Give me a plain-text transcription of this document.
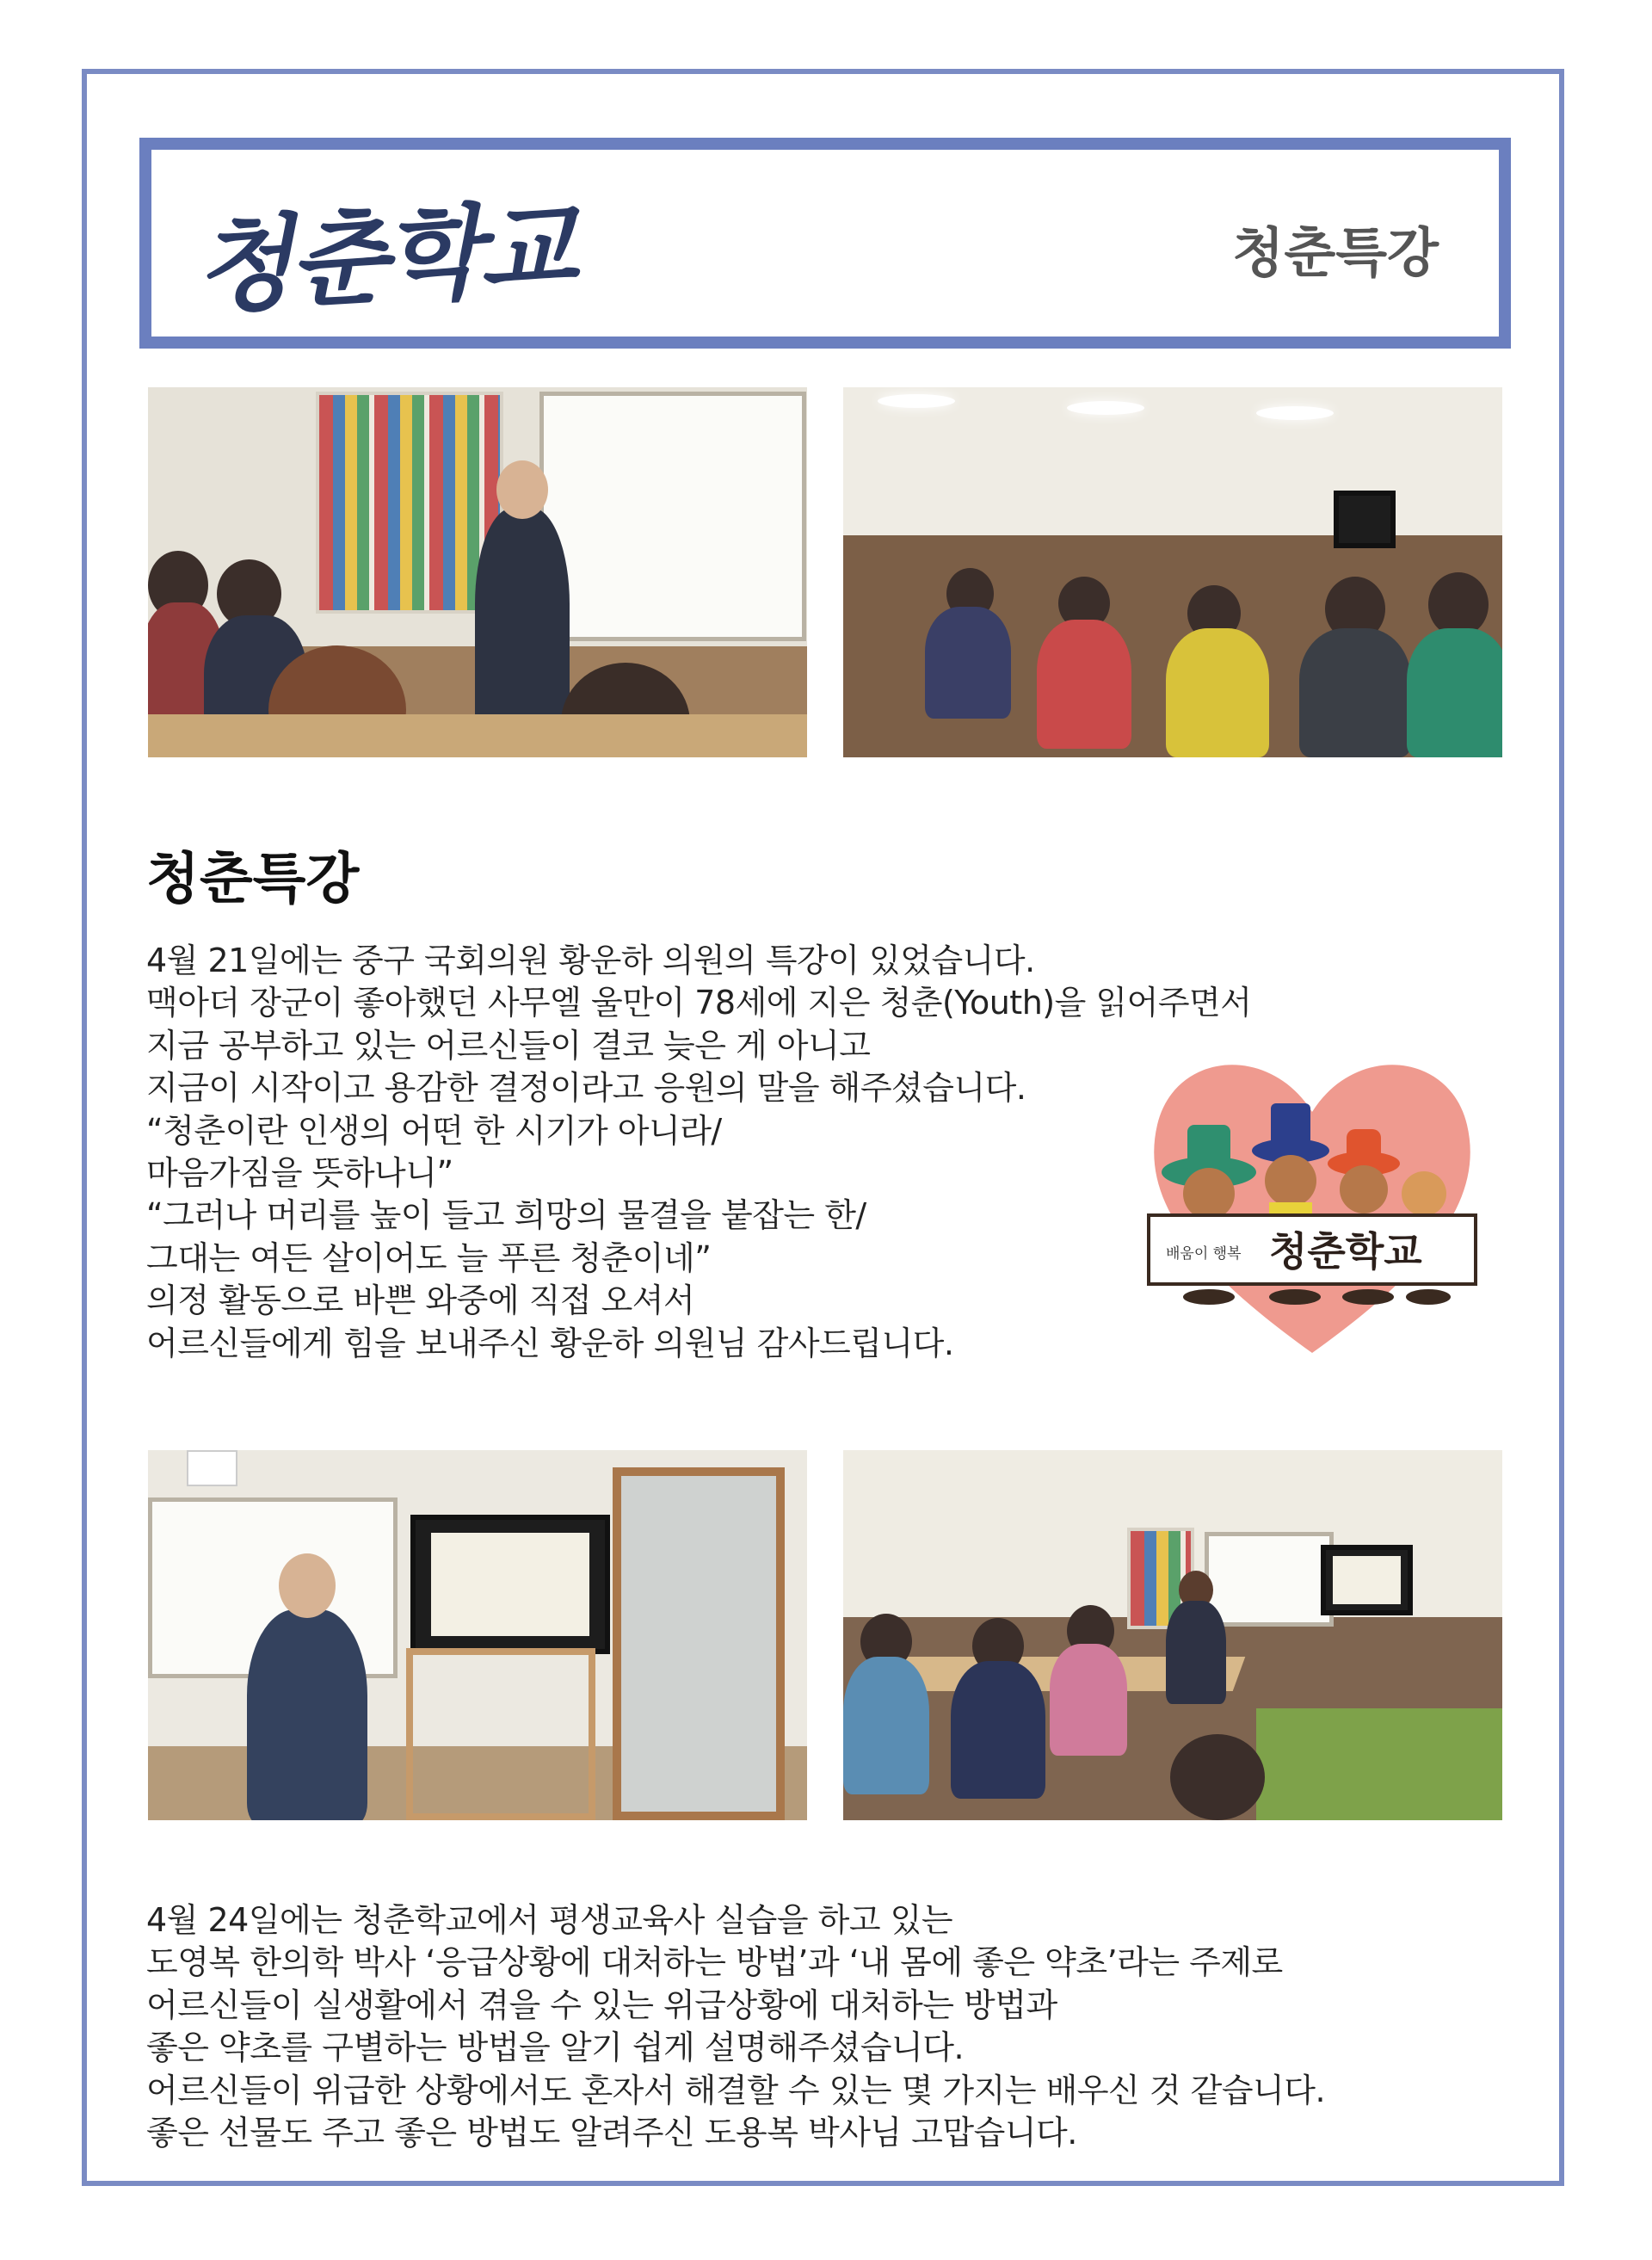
청춘학교	청춘특강
청춘특강
4월 21일에는 중구 국회의원 황운하 의원의 특강이 있었습니다.
맥아더 장군이 좋아했던 사무엘 울만이 78세에 지은 청춘(Youth)을 읽어주면서
지금 공부하고 있는 어르신들이 결코 늦은 게 아니고
지금이 시작이고 용감한 결정이라고 응원의 말을 해주셨습니다.
“청춘이란 인생의 어떤 한 시기가 아니라/
마음가짐을 뜻하나니”
“그러나 머리를 높이 들고 희망의 물결을 붙잡는 한/
그대는 여든 살이어도 늘 푸른 청춘이네”
의정 활동으로 바쁜 와중에 직접 오셔서
어르신들에게 힘을 보내주신 황운하 의원님 감사드립니다.
배움이 행복 청춘학교
4월 24일에는 청춘학교에서 평생교육사 실습을 하고 있는
도영복 한의학 박사 ‘응급상황에 대처하는 방법’과 ‘내 몸에 좋은 약초’라는 주제로
어르신들이 실생활에서 겪을 수 있는 위급상황에 대처하는 방법과
좋은 약초를 구별하는 방법을 알기 쉽게 설명해주셨습니다.
어르신들이 위급한 상황에서도 혼자서 해결할 수 있는 몇 가지는 배우신 것 같습니다.
좋은 선물도 주고 좋은 방법도 알려주신 도용복 박사님 고맙습니다.
